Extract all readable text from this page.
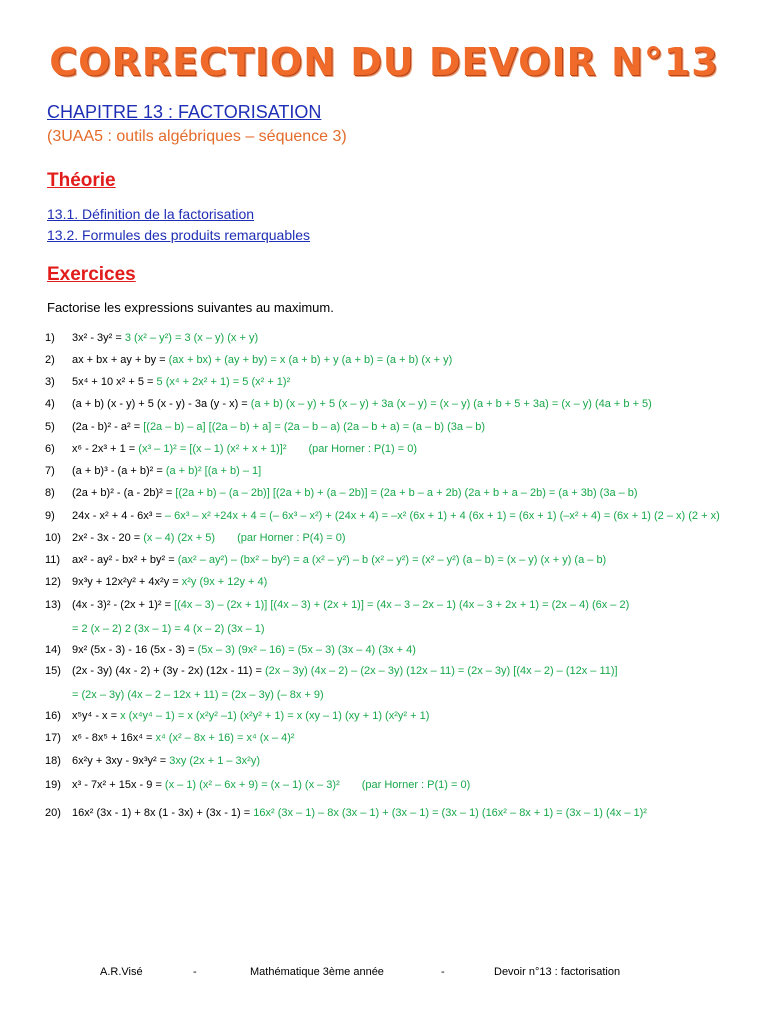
CORRECTION DU DEVOIR N°13
CHAPITRE 13 : FACTORISATION
(3UAA5 : outils algébriques – séquence 3)
Théorie
13.1. Définition de la factorisation
13.2. Formules des produits remarquables
Exercices
Factorise les expressions suivantes au maximum.
1) 3x² - 3y² = 3 (x² – y²) = 3 (x – y) (x + y)
2) ax + bx + ay + by = (ax + bx) + (ay + by) = x (a + b) + y (a + b) = (a + b) (x + y)
3) 5x⁴ + 10 x² + 5 = 5 (x⁴ + 2x² + 1) = 5 (x² + 1)²
4) (a + b) (x - y) + 5 (x - y) - 3a (y - x) = (a + b) (x – y) + 5 (x – y) + 3a (x – y) = (x – y) (a + b + 5 + 3a) = (x – y) (4a + b + 5)
5) (2a - b)² - a² = [(2a – b) – a] [(2a – b) + a] = (2a – b – a) (2a – b + a) = (a – b) (3a – b)
6) x⁶ - 2x³ + 1 = (x³ – 1)² = [(x – 1) (x² + x + 1)]² (par Horner : P(1) = 0)
7) (a + b)³ - (a + b)² = (a + b)² [(a + b) – 1]
8) (2a + b)² - (a - 2b)² = [(2a + b) – (a – 2b)] [(2a + b) + (a – 2b)] = (2a + b – a + 2b) (2a + b + a – 2b) = (a + 3b) (3a – b)
9) 24x - x² + 4 - 6x³ = – 6x³ – x² +24x + 4 = (– 6x³ – x²) + (24x + 4) = –x² (6x + 1) + 4 (6x + 1) = (6x + 1) (–x² + 4) = (6x + 1) (2 – x) (2 + x)
10) 2x² - 3x - 20 = (x – 4) (2x + 5) (par Horner : P(4) = 0)
11) ax² - ay² - bx² + by² = (ax² – ay²) – (bx² – by²) = a (x² – y²) – b (x² – y²) = (x² – y²) (a – b) = (x – y) (x + y) (a – b)
12) 9x³y + 12x²y² + 4x²y = x²y (9x + 12y + 4)
13) (4x - 3)² - (2x + 1)² = [(4x – 3) – (2x + 1)] [(4x – 3) + (2x + 1)] = (4x – 3 – 2x – 1) (4x – 3 + 2x + 1) = (2x – 4) (6x – 2)
= 2 (x – 2) 2 (3x – 1) = 4 (x – 2) (3x – 1)
14) 9x² (5x - 3) - 16 (5x - 3) = (5x – 3) (9x² – 16) = (5x – 3) (3x – 4) (3x + 4)
15) (2x - 3y) (4x - 2) + (3y - 2x) (12x - 11) = (2x – 3y) (4x – 2) – (2x – 3y) (12x – 11) = (2x – 3y) [(4x – 2) – (12x – 11)]
= (2x – 3y) (4x – 2 – 12x + 11) = (2x – 3y) (– 8x + 9)
16) x⁵y⁴ - x = x (x⁴y⁴ – 1) = x (x²y² –1) (x²y² + 1) = x (xy – 1) (xy + 1) (x²y² + 1)
17) x⁶ - 8x⁵ + 16x⁴ = x⁴ (x² – 8x + 16) = x⁴ (x – 4)²
18) 6x²y + 3xy - 9x³y² = 3xy (2x + 1 – 3x²y)
19) x³ - 7x² + 15x - 9 = (x – 1) (x² – 6x + 9) = (x – 1) (x – 3)² (par Horner : P(1) = 0)
20) 16x² (3x - 1) + 8x (1 - 3x) + (3x - 1) = 16x² (3x – 1) – 8x (3x – 1) + (3x – 1) = (3x – 1) (16x² – 8x + 1) = (3x – 1) (4x – 1)²
A.R.Visé	-	Mathématique 3ème année	-	Devoir n°13 : factorisation
